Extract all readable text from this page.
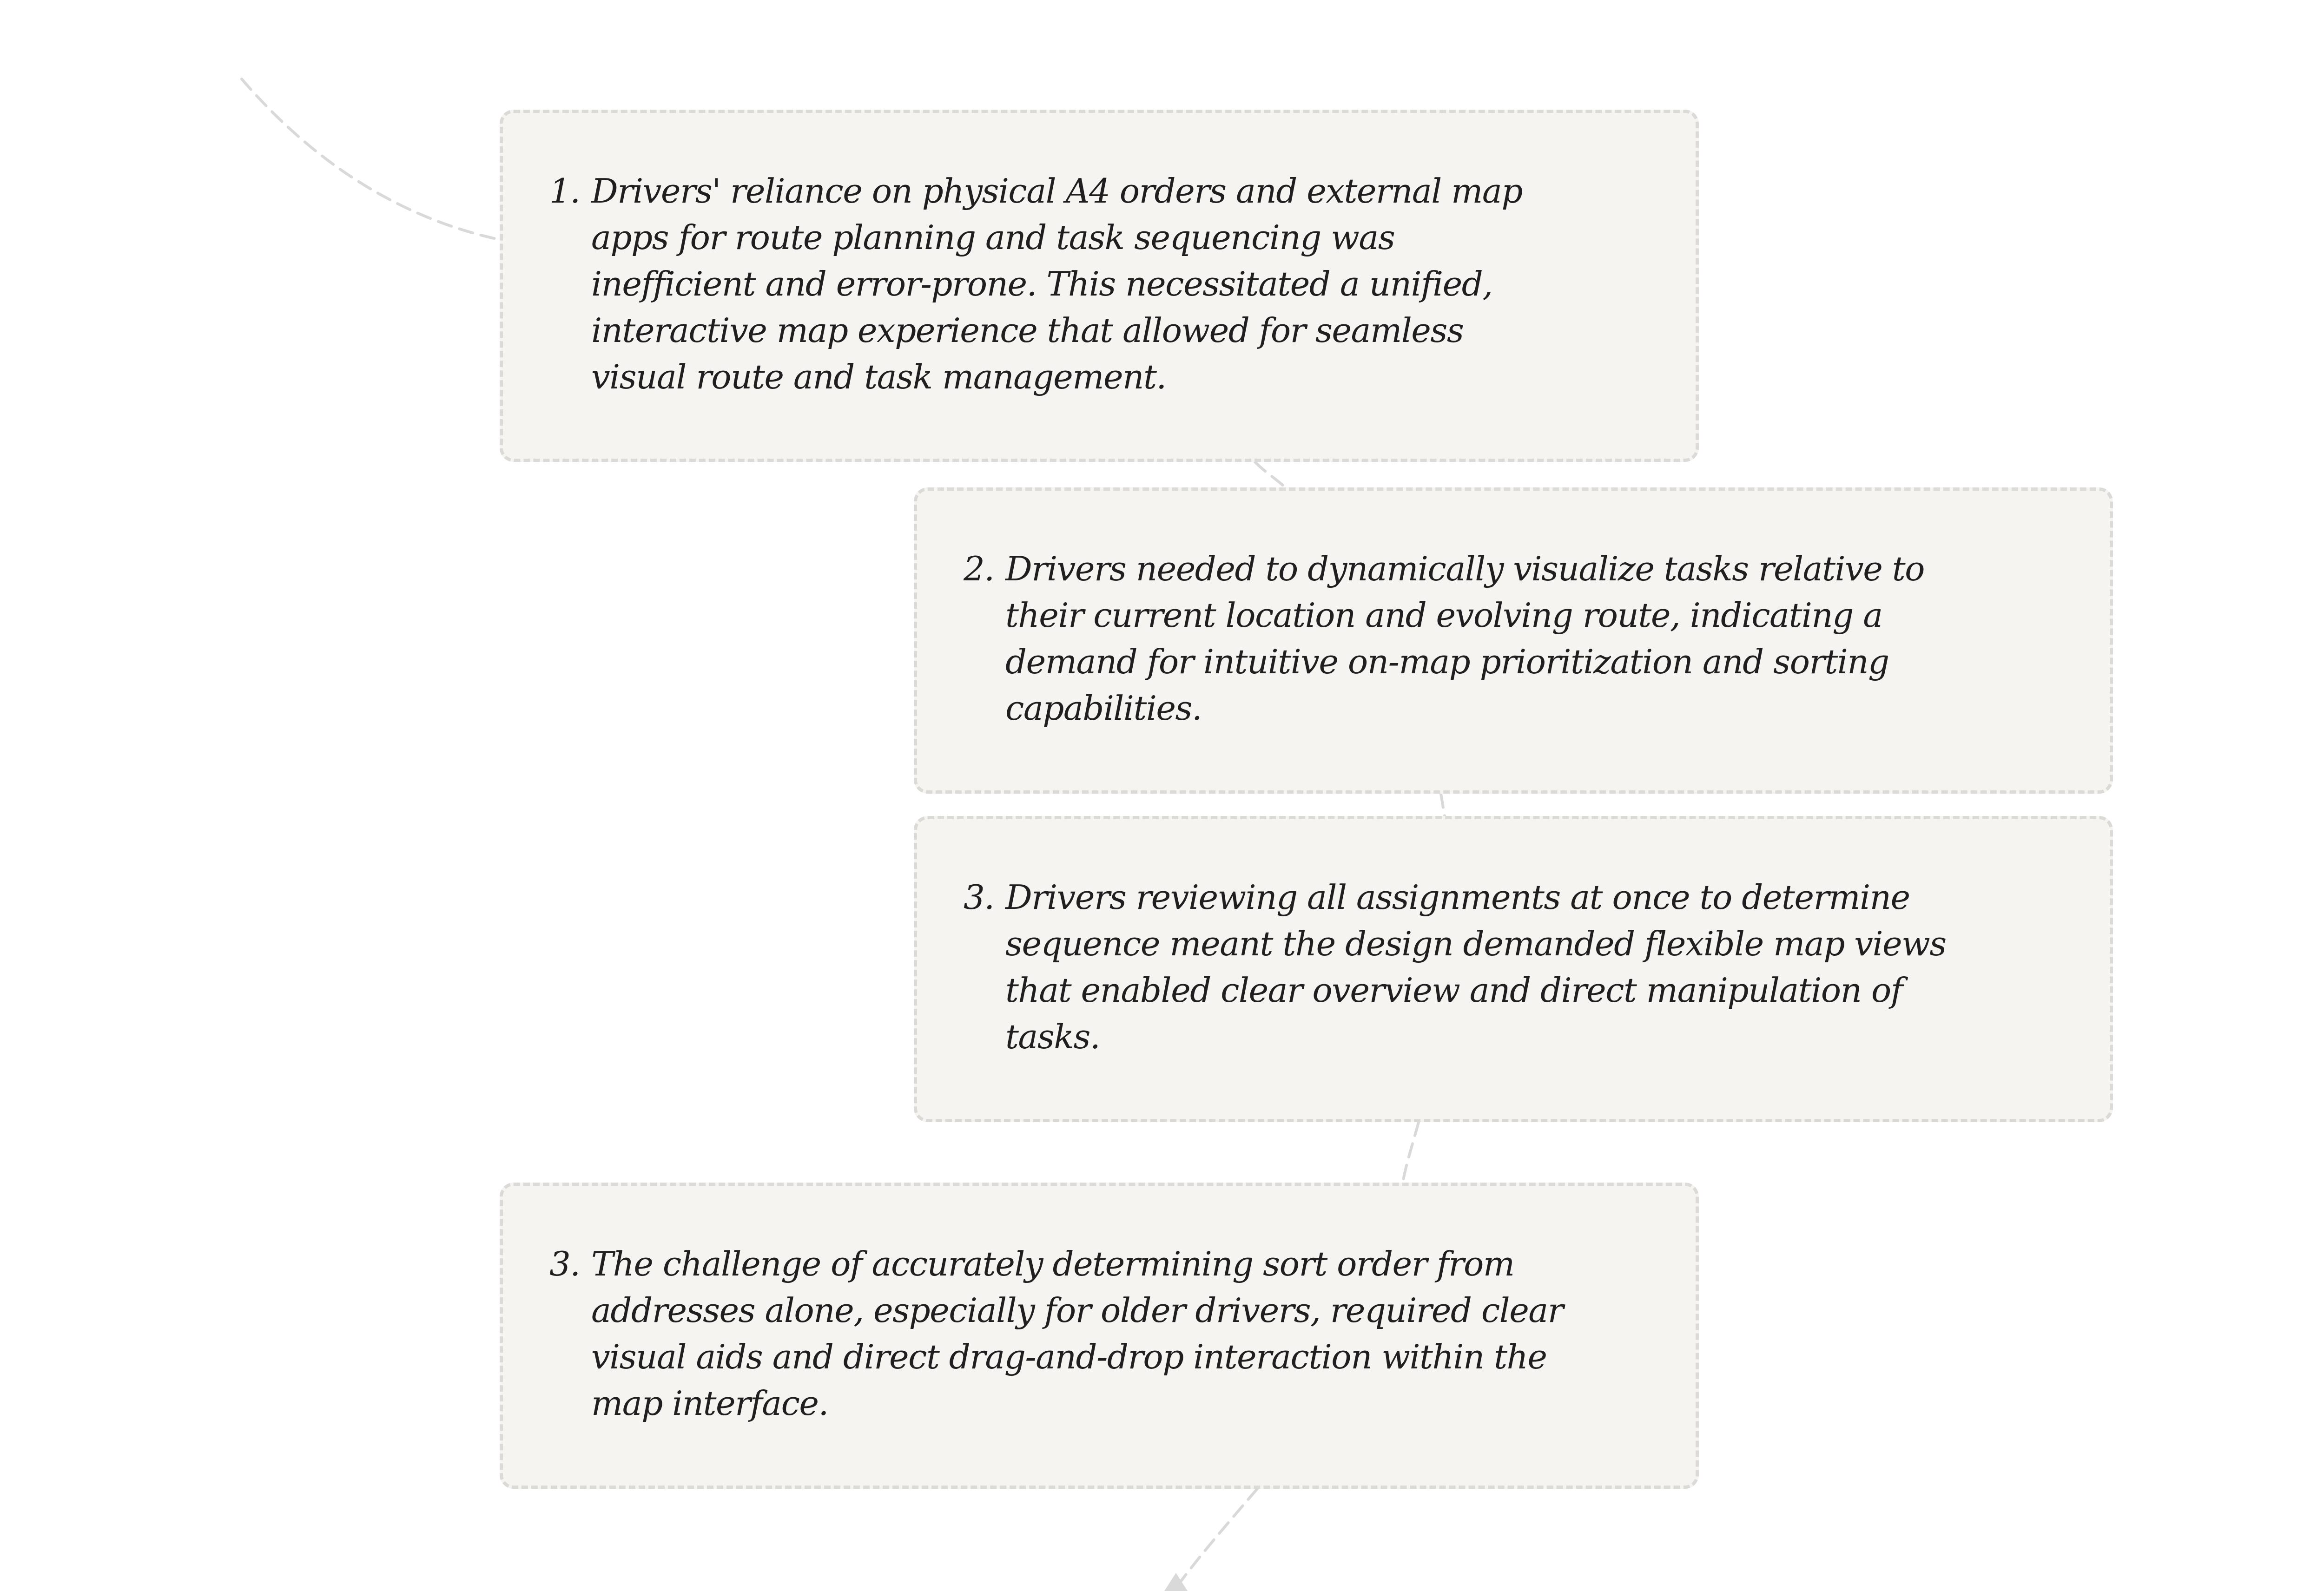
1. Drivers' reliance on physical A4 orders and external map
apps for route planning and task sequencing was
inefficient and error-prone. This necessitated a unified,
interactive map experience that allowed for seamless
visual route and task management.
2. Drivers needed to dynamically visualize tasks relative to
their current location and evolving route, indicating a
demand for intuitive on-map prioritization and sorting
capabilities.
3. Drivers reviewing all assignments at once to determine
sequence meant the design demanded flexible map views
that enabled clear overview and direct manipulation of
tasks.
3. The challenge of accurately determining sort order from
addresses alone, especially for older drivers, required clear
visual aids and direct drag-and-drop interaction within the
map interface.
